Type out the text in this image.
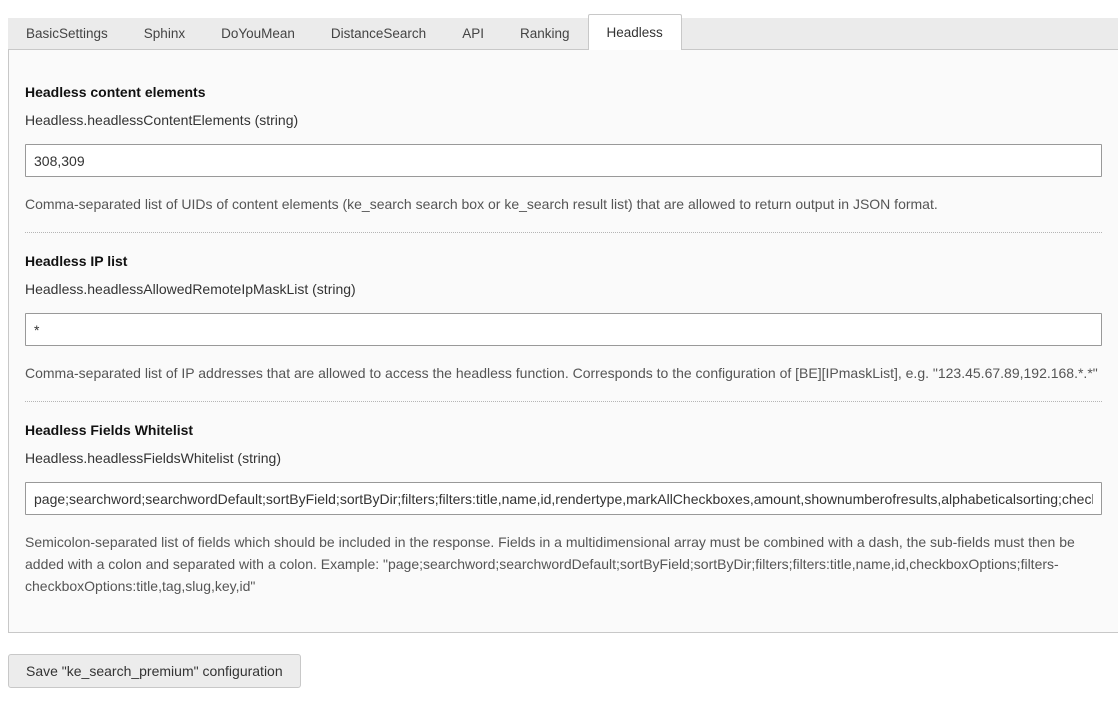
BasicSettings	Sphinx	DoYouMean	DistanceSearch	API	Ranking	Headless
Headless content elements
Headless.headlessContentElements (string)
308,309
Comma-separated list of UIDs of content elements (ke_search search box or ke_search result list) that are allowed to return output in JSON format.
Headless IP list
Headless.headlessAllowedRemoteIpMaskList (string)
*
Comma-separated list of IP addresses that are allowed to access the headless function. Corresponds to the configuration of [BE][IPmaskList], e.g. "123.45.67.89,192.168.*.*"
Headless Fields Whitelist
Headless.headlessFieldsWhitelist (string)
page;searchword;searchwordDefault;sortByField;sortByDir;filters;filters:title,name,id,rendertype,markAllCheckboxes,amount,shownumberofresults,alphabeticalsorting;checkboxOptions
Semicolon-separated list of fields which should be included in the response. Fields in a multidimensional array must be combined with a dash, the sub-fields must then be added with a colon and separated with a colon. Example: "page;searchword;searchwordDefault;sortByField;sortByDir;filters;filters:title,name,id,checkboxOptions;filters-checkboxOptions:title,tag,slug,key,id"
Save "ke_search_premium" configuration
